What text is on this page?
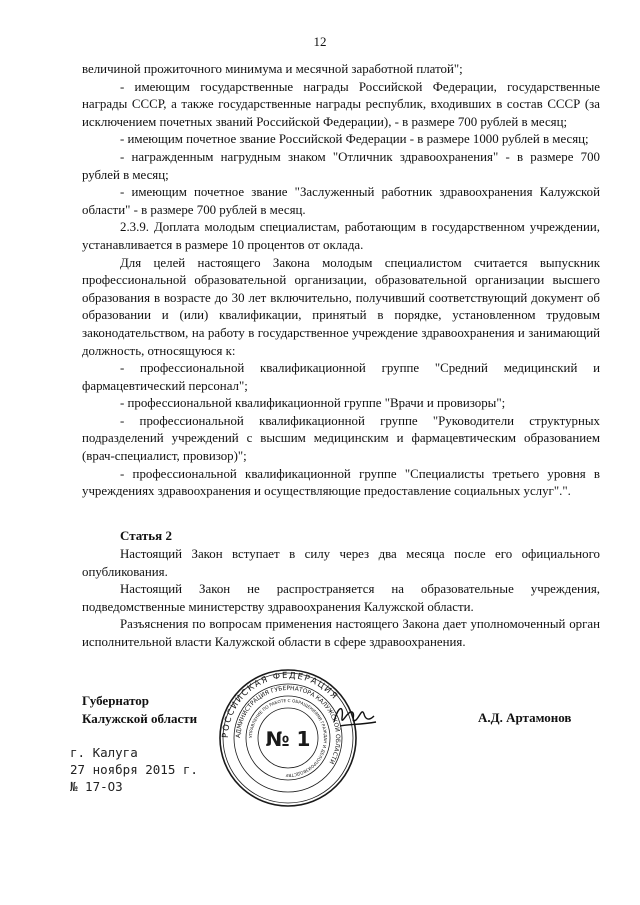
12

величиной прожиточного минимума и месячной заработной платой";

- имеющим государственные награды Российской Федерации, государственные награды СССР, а также государственные награды республик, входивших в состав СССР (за исключением почетных званий Российской Федерации), - в размере 700 рублей в месяц;

- имеющим почетное звание Российской Федерации - в размере 1000 рублей в месяц;

- награжденным нагрудным знаком "Отличник здравоохранения" - в размере 700 рублей в месяц;

- имеющим почетное звание "Заслуженный работник здравоохранения Калужской области" - в размере 700 рублей в месяц.

2.3.9. Доплата молодым специалистам, работающим в государственном учреждении, устанавливается в размере 10 процентов от оклада.

Для целей настоящего Закона молодым специалистом считается выпускник профессиональной образовательной организации, образовательной организации высшего образования в возрасте до 30 лет включительно, получивший соответствующий документ об образовании и (или) квалификации, принятый в порядке, установленном трудовым законодательством, на работу в государственное учреждение здравоохранения и занимающий должность, относящуюся к:

- профессиональной квалификационной группе "Средний медицинский и фармацевтический персонал";

- профессиональной квалификационной группе "Врачи и провизоры";

- профессиональной квалификационной группе "Руководители структурных подразделений учреждений с высшим медицинским и фармацевтическим образованием (врач-специалист, провизор)";

- профессиональной квалификационной группе "Специалисты третьего уровня в учреждениях здравоохранения и осуществляющие предоставление социальных услуг".".

Статья 2

Настоящий Закон вступает в силу через два месяца после его официального опубликования.

Настоящий Закон не распространяется на образовательные учреждения, подведомственные министерству здравоохранения Калужской области.

Разъяснения по вопросам применения настоящего Закона дает уполномоченный орган исполнительной власти Калужской области в сфере здравоохранения.

Губернатор
Калужской области	А.Д. Артамонов
РОССИЙСКАЯ ФЕДЕРАЦИЯ
АДМИНИСТРАЦИЯ ГУБЕРНАТОРА КАЛУЖСКОЙ ОБЛАСТИ
УПРАВЛЕНИЕ ПО РАБОТЕ С ОБРАЩЕНИЯМИ ГРАЖДАН И ДЕЛОПРОИЗВОДСТВУ
№ 1
г. Калуга
27 ноября 2015 г.
№ 17-ОЗ
